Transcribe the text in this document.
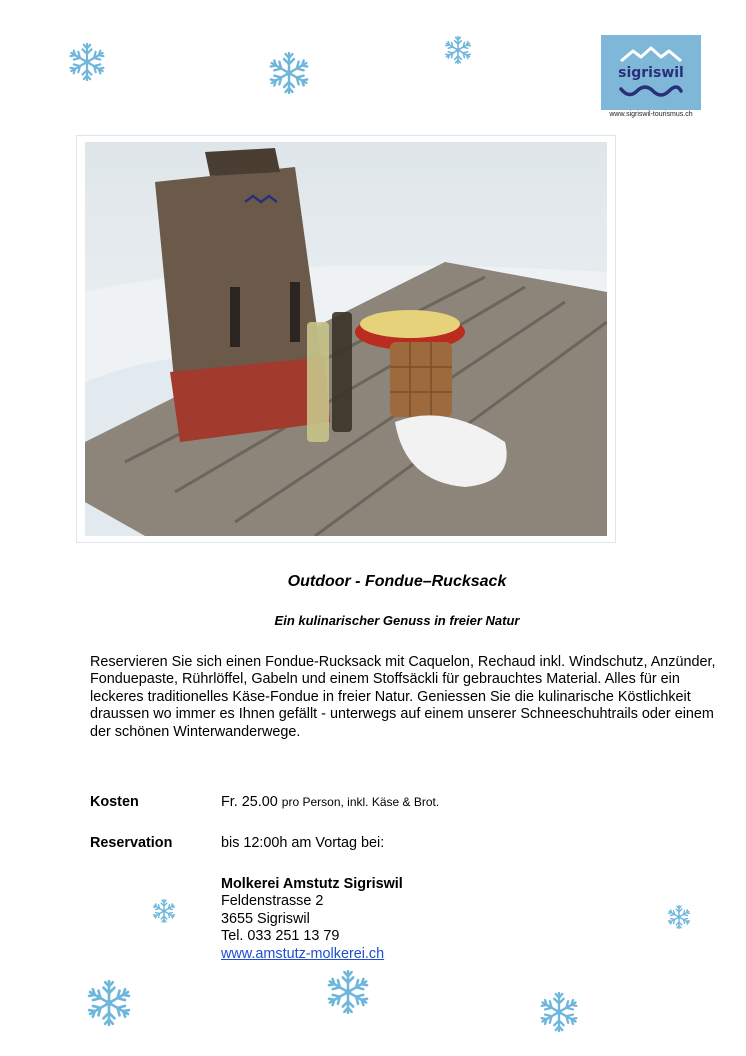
sigriswil
www.sigriswil-tourismus.ch
Outdoor - Fondue–Rucksack
Ein kulinarischer Genuss in freier Natur
Reservieren Sie sich einen Fondue-Rucksack mit Caquelon, Rechaud inkl. Windschutz, Anzünder, Fonduepaste, Rührlöffel, Gabeln und einem Stoffsäckli für gebrauchtes Material. Alles für ein leckeres traditionelles Käse-Fondue in freier Natur. Geniessen Sie die kulinarische Köstlichkeit draussen wo immer es Ihnen gefällt - unterwegs auf einem unserer Schneeschuhtrails oder einem der schönen Winterwanderwege.
Kosten	Fr. 25.00 pro Person, inkl. Käse & Brot.
Reservation	bis 12:00h am Vortag bei:
Molkerei Amstutz Sigriswil
Feldenstrasse 2
3655 Sigriswil
Tel. 033 251 13 79
www.amstutz-molkerei.ch
